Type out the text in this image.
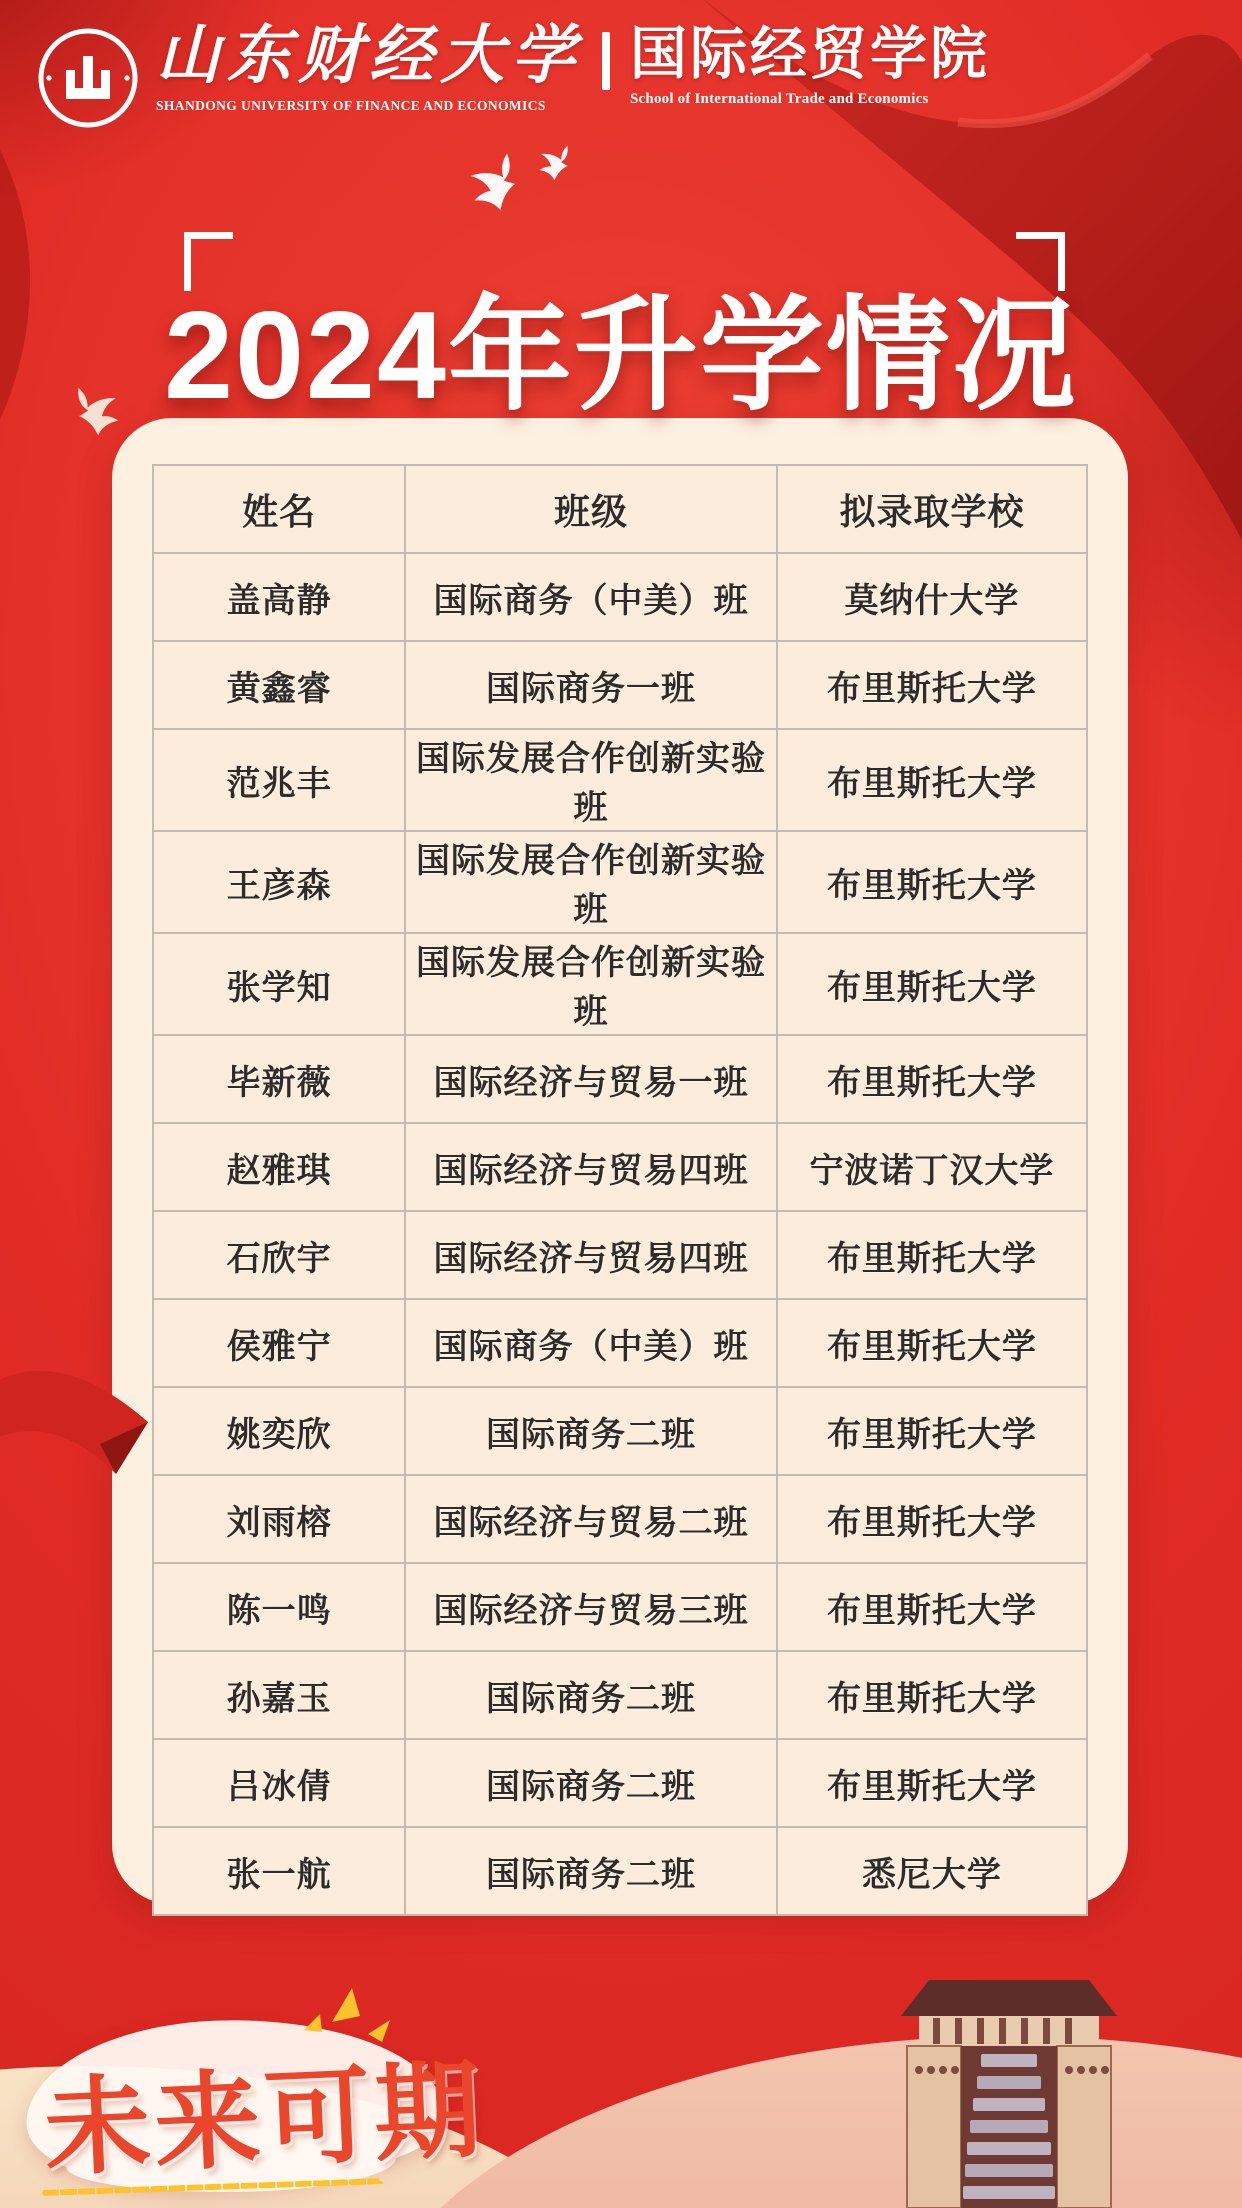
山东财经大学
SHANDONG UNIVERSITY OF FINANCE AND ECONOMICS
国际经贸学院
School of International Trade and Economics
2024年升学情况
姓名	班级	拟录取学校
盖高静	国际商务（中美）班	莫纳什大学
黄鑫睿	国际商务一班	布里斯托大学
范兆丰	国际发展合作创新实验班	布里斯托大学
王彦森	国际发展合作创新实验班	布里斯托大学
张学知	国际发展合作创新实验班	布里斯托大学
毕新薇	国际经济与贸易一班	布里斯托大学
赵雅琪	国际经济与贸易四班	宁波诺丁汉大学
石欣宇	国际经济与贸易四班	布里斯托大学
侯雅宁	国际商务（中美）班	布里斯托大学
姚奕欣	国际商务二班	布里斯托大学
刘雨榕	国际经济与贸易二班	布里斯托大学
陈一鸣	国际经济与贸易三班	布里斯托大学
孙嘉玉	国际商务二班	布里斯托大学
吕冰倩	国际商务二班	布里斯托大学
张一航	国际商务二班	悉尼大学
未来可期
